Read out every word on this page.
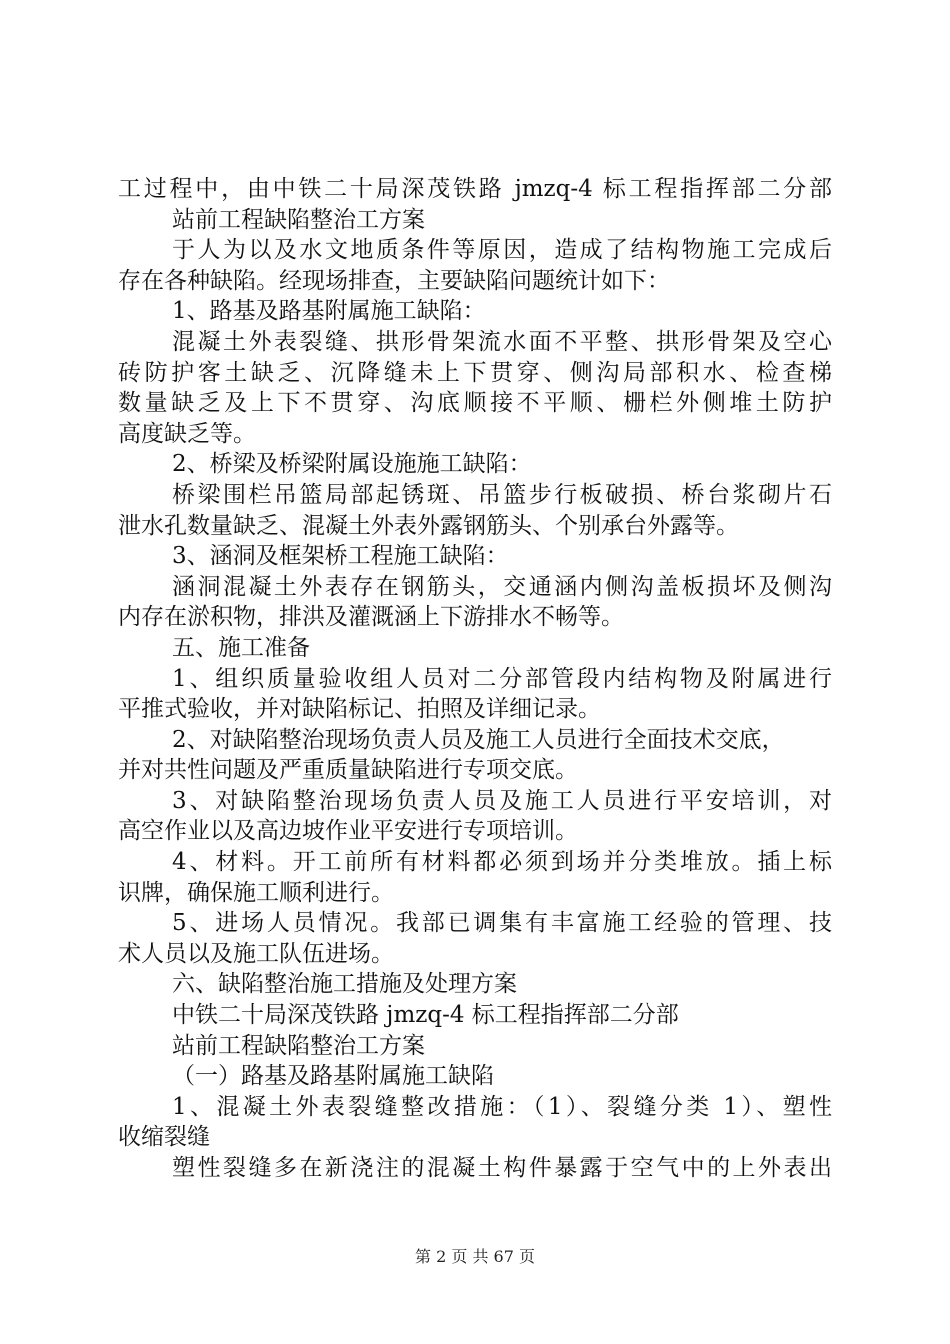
工过程中，由中铁二十局深茂铁路 jmzq-4 标工程指挥部二分部
站前工程缺陷整治工方案
于人为以及水文地质条件等原因，造成了结构物施工完成后
存在各种缺陷。经现场排查，主要缺陷问题统计如下：
1、路基及路基附属施工缺陷：
混凝土外表裂缝、拱形骨架流水面不平整、拱形骨架及空心
砖防护客土缺乏、沉降缝未上下贯穿、侧沟局部积水、检查梯
数量缺乏及上下不贯穿、沟底顺接不平顺、栅栏外侧堆土防护
高度缺乏等。
2、桥梁及桥梁附属设施施工缺陷：
桥梁围栏吊篮局部起锈斑、吊篮步行板破损、桥台浆砌片石
泄水孔数量缺乏、混凝土外表外露钢筋头、个别承台外露等。
3、涵洞及框架桥工程施工缺陷：
涵洞混凝土外表存在钢筋头，交通涵内侧沟盖板损坏及侧沟
内存在淤积物，排洪及灌溉涵上下游排水不畅等。
五、施工准备
1、组织质量验收组人员对二分部管段内结构物及附属进行
平推式验收，并对缺陷标记、拍照及详细记录。
2、对缺陷整治现场负责人员及施工人员进行全面技术交底，
并对共性问题及严重质量缺陷进行专项交底。
3、对缺陷整治现场负责人员及施工人员进行平安培训，对
高空作业以及高边坡作业平安进行专项培训。
4、材料。开工前所有材料都必须到场并分类堆放。插上标
识牌，确保施工顺利进行。
5、进场人员情况。我部已调集有丰富施工经验的管理、技
术人员以及施工队伍进场。
六、缺陷整治施工措施及处理方案
中铁二十局深茂铁路 jmzq-4 标工程指挥部二分部
站前工程缺陷整治工方案
（一）路基及路基附属施工缺陷
1、混凝土外表裂缝整改措施：（1）、裂缝分类 1）、塑性
收缩裂缝
塑性裂缝多在新浇注的混凝土构件暴露于空气中的上外表出
第 2 页 共 67 页
